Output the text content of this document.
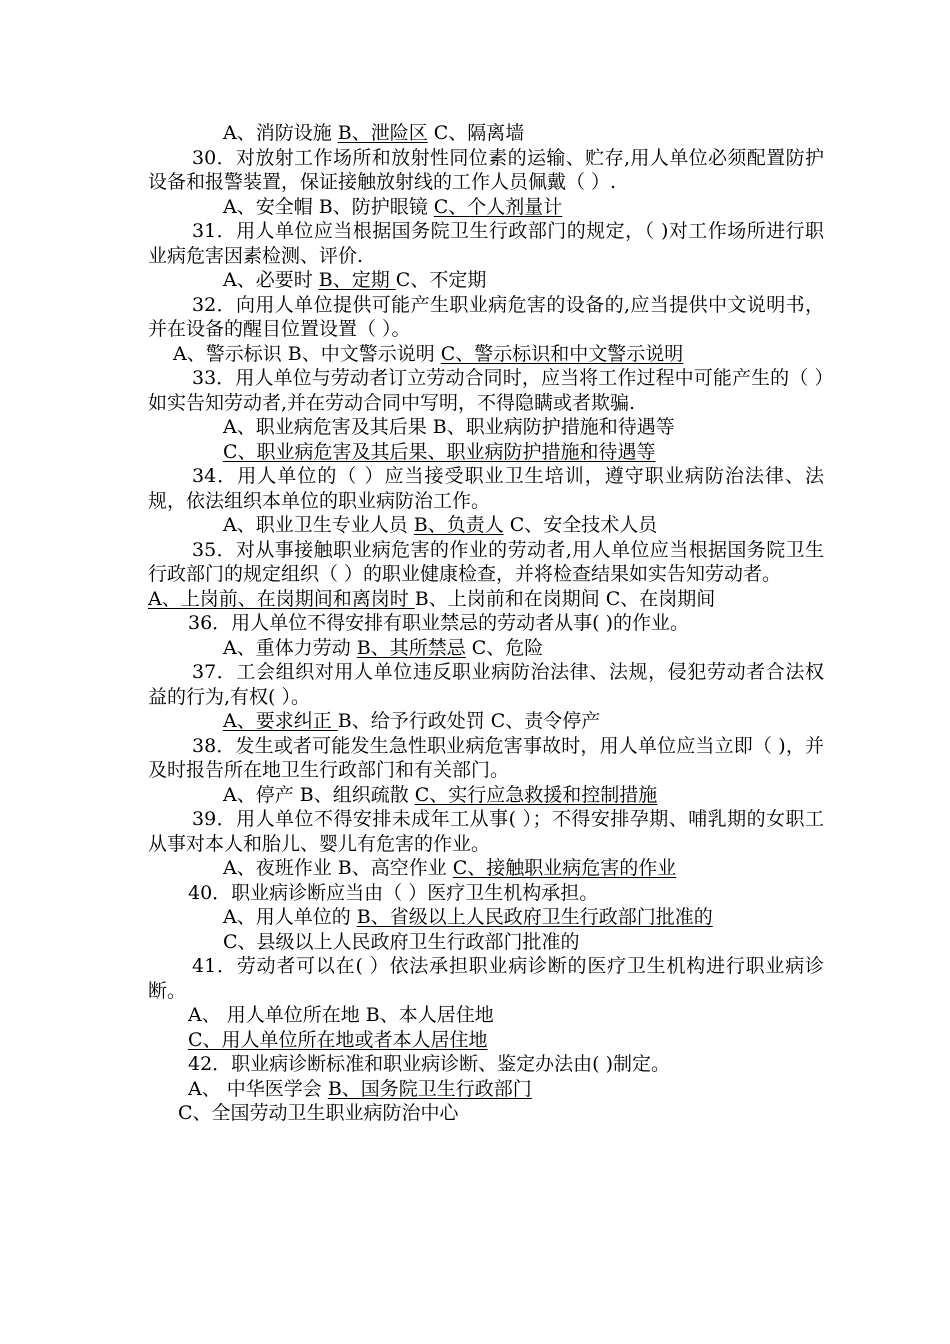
A、消防设施 B、泄险区 C、隔离墙
30．对放射工作场所和放射性同位素的运输、贮存,用人单位必须配置防护设备和报警装置，保证接触放射线的工作人员佩戴（ ）.
A、安全帽 B、防护眼镜 C、个人剂量计
31．用人单位应当根据国务院卫生行政部门的规定，（ )对工作场所进行职业病危害因素检测、评价.
A、必要时 B、定期 C、不定期
32．向用人单位提供可能产生职业病危害的设备的,应当提供中文说明书，并在设备的醒目位置设置（ ）。
A、警示标识 B、中文警示说明 C、警示标识和中文警示说明
33．用人单位与劳动者订立劳动合同时，应当将工作过程中可能产生的（ ）如实告知劳动者,并在劳动合同中写明，不得隐瞒或者欺骗.
A、职业病危害及其后果 B、职业病防护措施和待遇等
C、职业病危害及其后果、职业病防护措施和待遇等
34．用人单位的（ ）应当接受职业卫生培训，遵守职业病防治法律、法规，依法组织本单位的职业病防治工作。
A、职业卫生专业人员 B、负责人 C、安全技术人员
35．对从事接触职业病危害的作业的劳动者,用人单位应当根据国务院卫生行政部门的规定组织（ ）的职业健康检查，并将检查结果如实告知劳动者。
A、上岗前、在岗期间和离岗时 B、上岗前和在岗期间 C、在岗期间
36．用人单位不得安排有职业禁忌的劳动者从事( )的作业。
A、重体力劳动 B、其所禁忌 C、危险
37．工会组织对用人单位违反职业病防治法律、法规，侵犯劳动者合法权益的行为,有权( ）。
A、要求纠正 B、给予行政处罚 C、责令停产
38．发生或者可能发生急性职业病危害事故时，用人单位应当立即（ )，并及时报告所在地卫生行政部门和有关部门。
A、停产 B、组织疏散 C、实行应急救援和控制措施
39．用人单位不得安排未成年工从事( ）；不得安排孕期、哺乳期的女职工从事对本人和胎儿、婴儿有危害的作业。
A、夜班作业 B、高空作业 C、接触职业病危害的作业
40．职业病诊断应当由（ ）医疗卫生机构承担。
A、用人单位的 B、省级以上人民政府卫生行政部门批准的
C、县级以上人民政府卫生行政部门批准的
41．劳动者可以在( ）依法承担职业病诊断的医疗卫生机构进行职业病诊断。
A、 用人单位所在地 B、本人居住地
C、用人单位所在地或者本人居住地
42．职业病诊断标准和职业病诊断、鉴定办法由( )制定。
A、 中华医学会 B、国务院卫生行政部门
C、全国劳动卫生职业病防治中心
